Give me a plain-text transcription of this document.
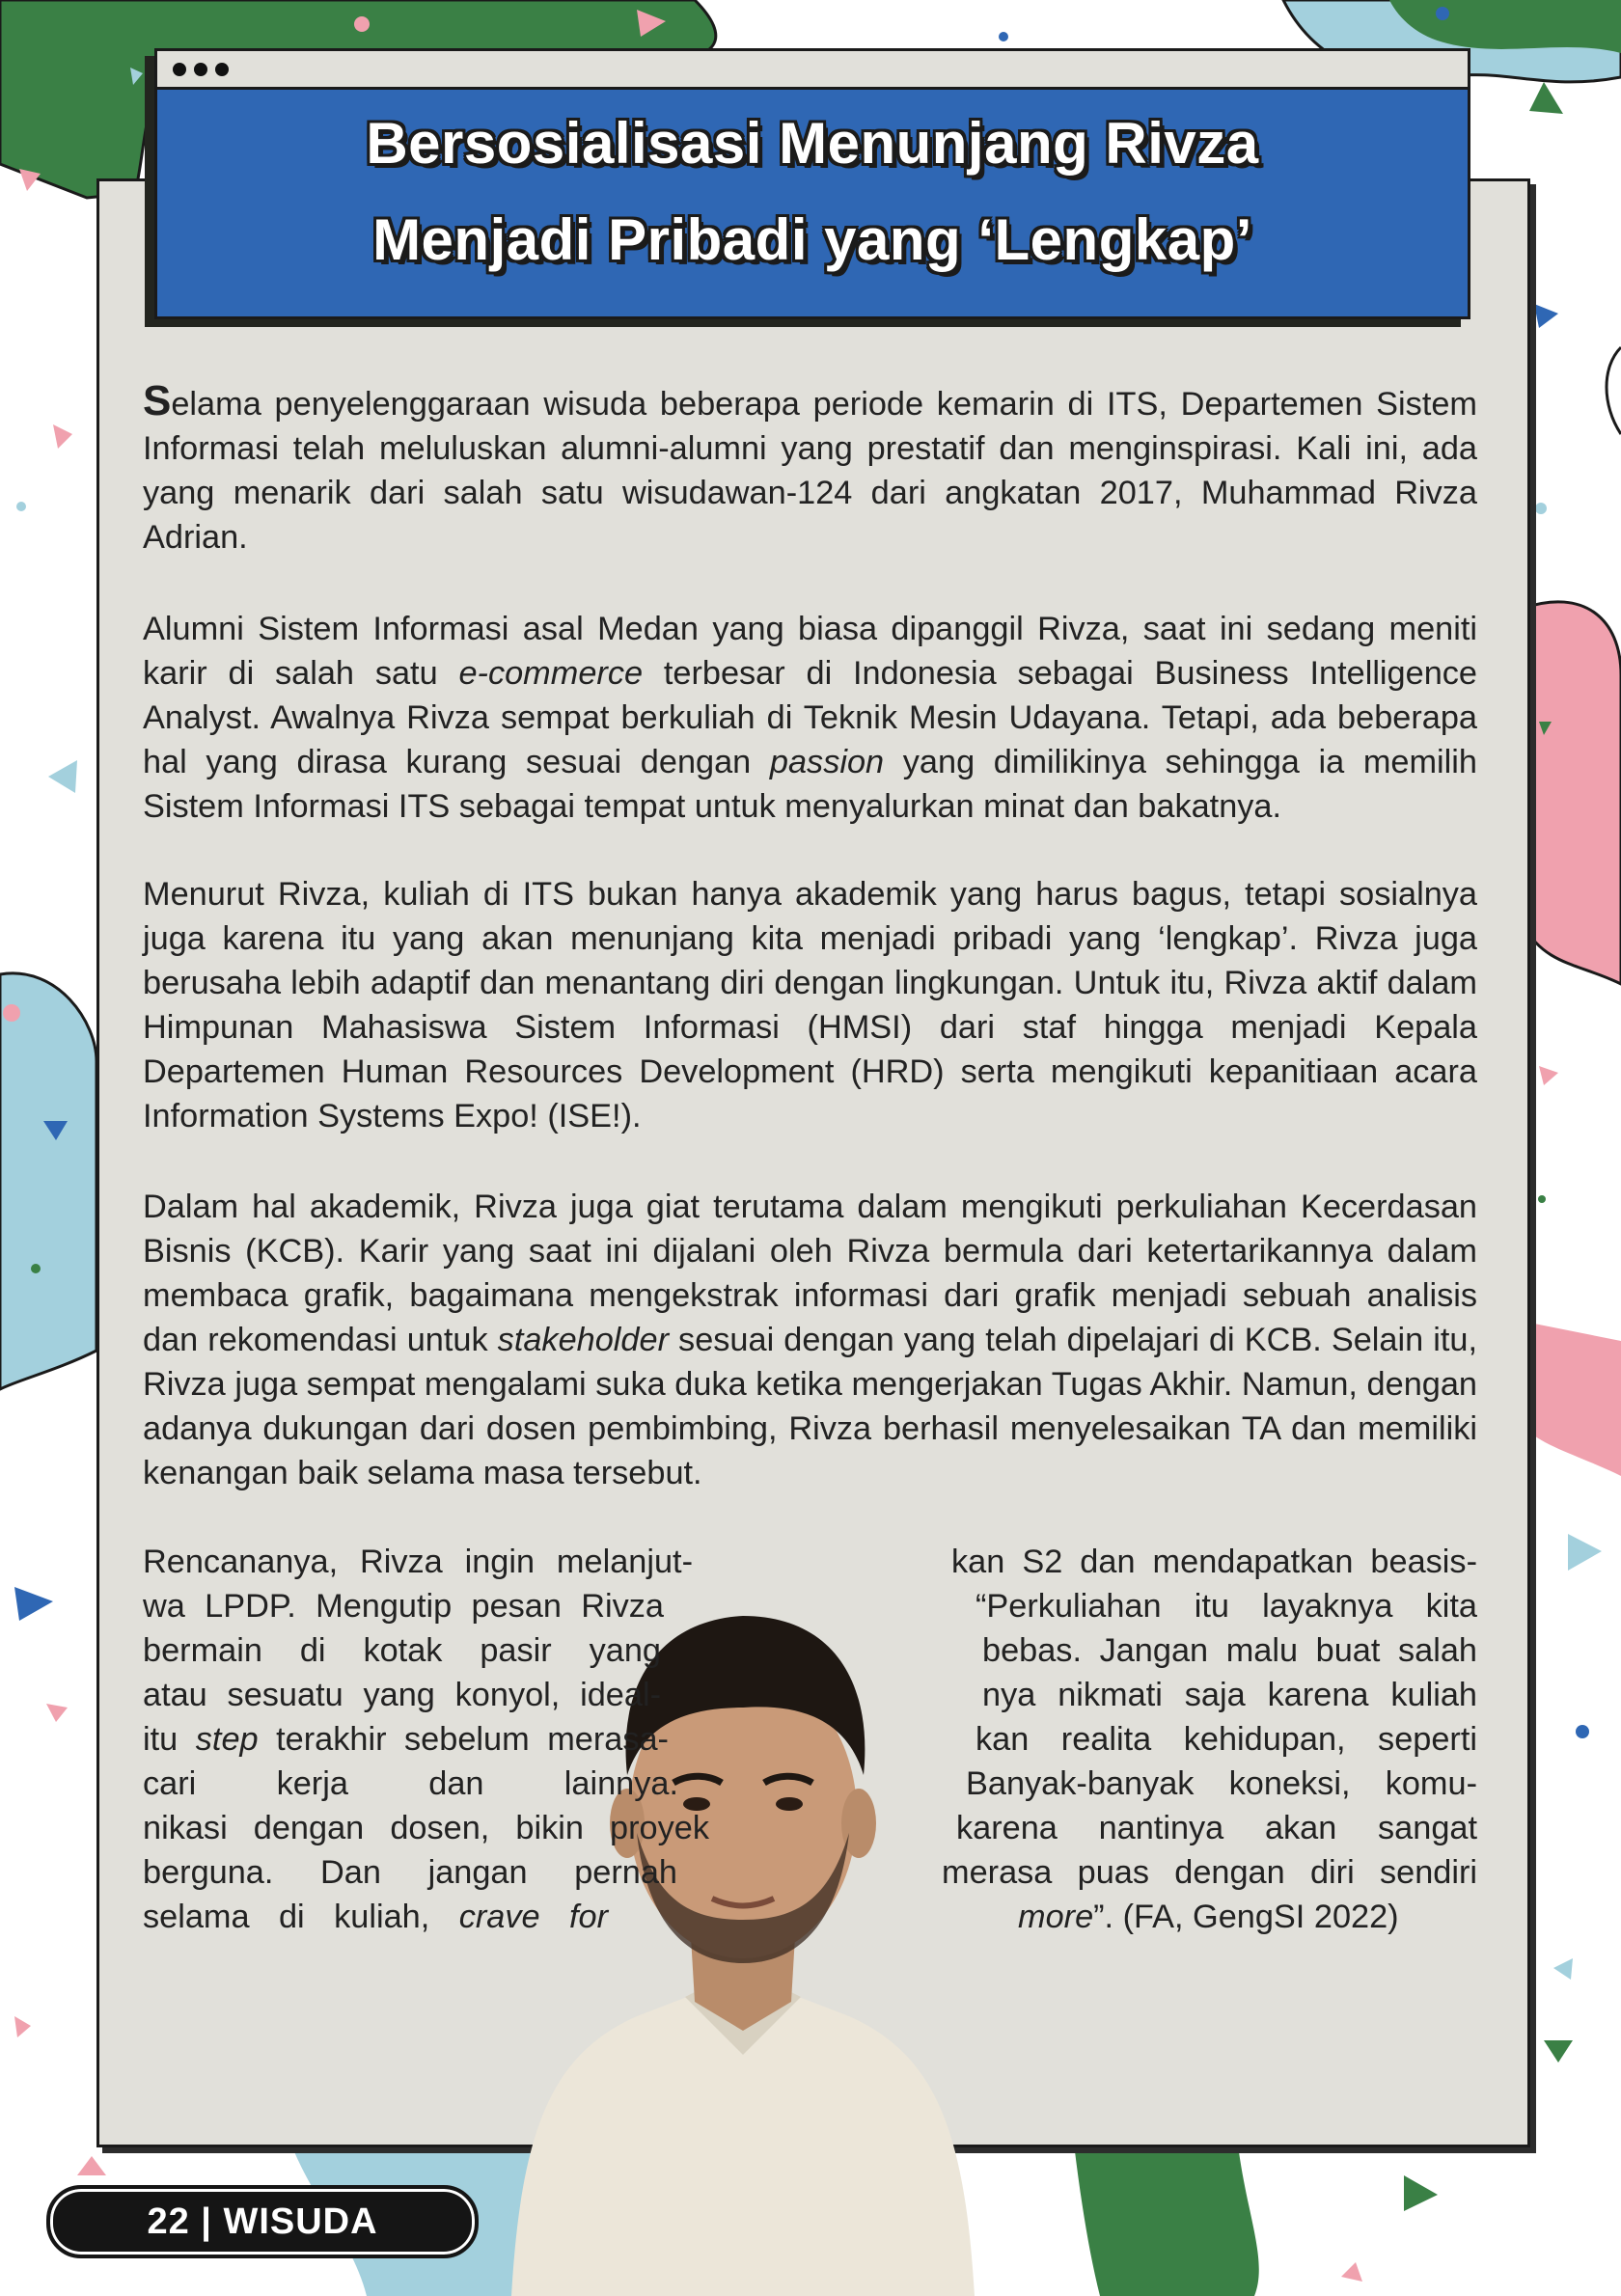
Bersosialisasi Menunjang Rivza
Menjadi Pribadi yang ‘Lengkap’

Selama penyelenggaraan wisuda beberapa periode kemarin di ITS, Departemen Sistem Informasi telah meluluskan alumni-alumni yang prestatif dan menginspirasi. Kali ini, ada yang menarik dari salah satu wisudawan-124 dari angkatan 2017, Muhammad Rivza Adrian.

Alumni Sistem Informasi asal Medan yang biasa dipanggil Rivza, saat ini sedang meniti karir di salah satu e-commerce terbesar di Indonesia sebagai Business Intelligence Analyst. Awalnya Rivza sempat berkuliah di Teknik Mesin Udayana. Tetapi, ada beberapa hal yang dirasa kurang sesuai dengan passion yang dimilikinya sehingga ia memilih Sistem Informasi ITS sebagai tempat untuk menyalurkan minat dan bakatnya.

Menurut Rivza, kuliah di ITS bukan hanya akademik yang harus bagus, tetapi sosialnya juga karena itu yang akan menunjang kita menjadi pribadi yang ‘lengkap’. Rivza juga berusaha lebih adaptif dan menantang diri dengan lingkungan. Untuk itu, Rivza aktif dalam Himpunan Mahasiswa Sistem Informasi (HMSI) dari staf hingga menjadi Kepala Departemen Human Resources Development (HRD) serta mengikuti kepanitiaan acara Information Systems Expo! (ISE!).

Dalam hal akademik, Rivza juga giat terutama dalam mengikuti perkuliahan Kecerdasan Bisnis (KCB). Karir yang saat ini dijalani oleh Rivza bermula dari ketertarikannya dalam membaca grafik, bagaimana mengekstrak informasi dari grafik menjadi sebuah analisis dan rekomendasi untuk stakeholder sesuai dengan yang telah dipelajari di KCB. Selain itu, Rivza juga sempat mengalami suka duka ketika mengerjakan Tugas Akhir. Namun, dengan adanya dukungan dari dosen pembimbing, Rivza berhasil menyelesaikan TA dan memiliki kenangan baik selama masa tersebut.

Rencananya, Rivza ingin melanjut-
wa LPDP. Mengutip pesan Rivza
bermain di kotak pasir yang
atau sesuatu yang konyol, ideal-
itu step terakhir sebelum merasa-
cari kerja dan lainnya.
nikasi dengan dosen, bikin proyek
berguna. Dan jangan pernah
selama di kuliah, crave for
kan S2 dan mendapatkan beasis-
“Perkuliahan itu layaknya kita
bebas. Jangan malu buat salah
nya nikmati saja karena kuliah
kan realita kehidupan, seperti
Banyak-banyak koneksi, komu-
karena nantinya akan sangat
merasa puas dengan diri sendiri
more”. (FA, GengSI 2022)
22 | WISUDA
